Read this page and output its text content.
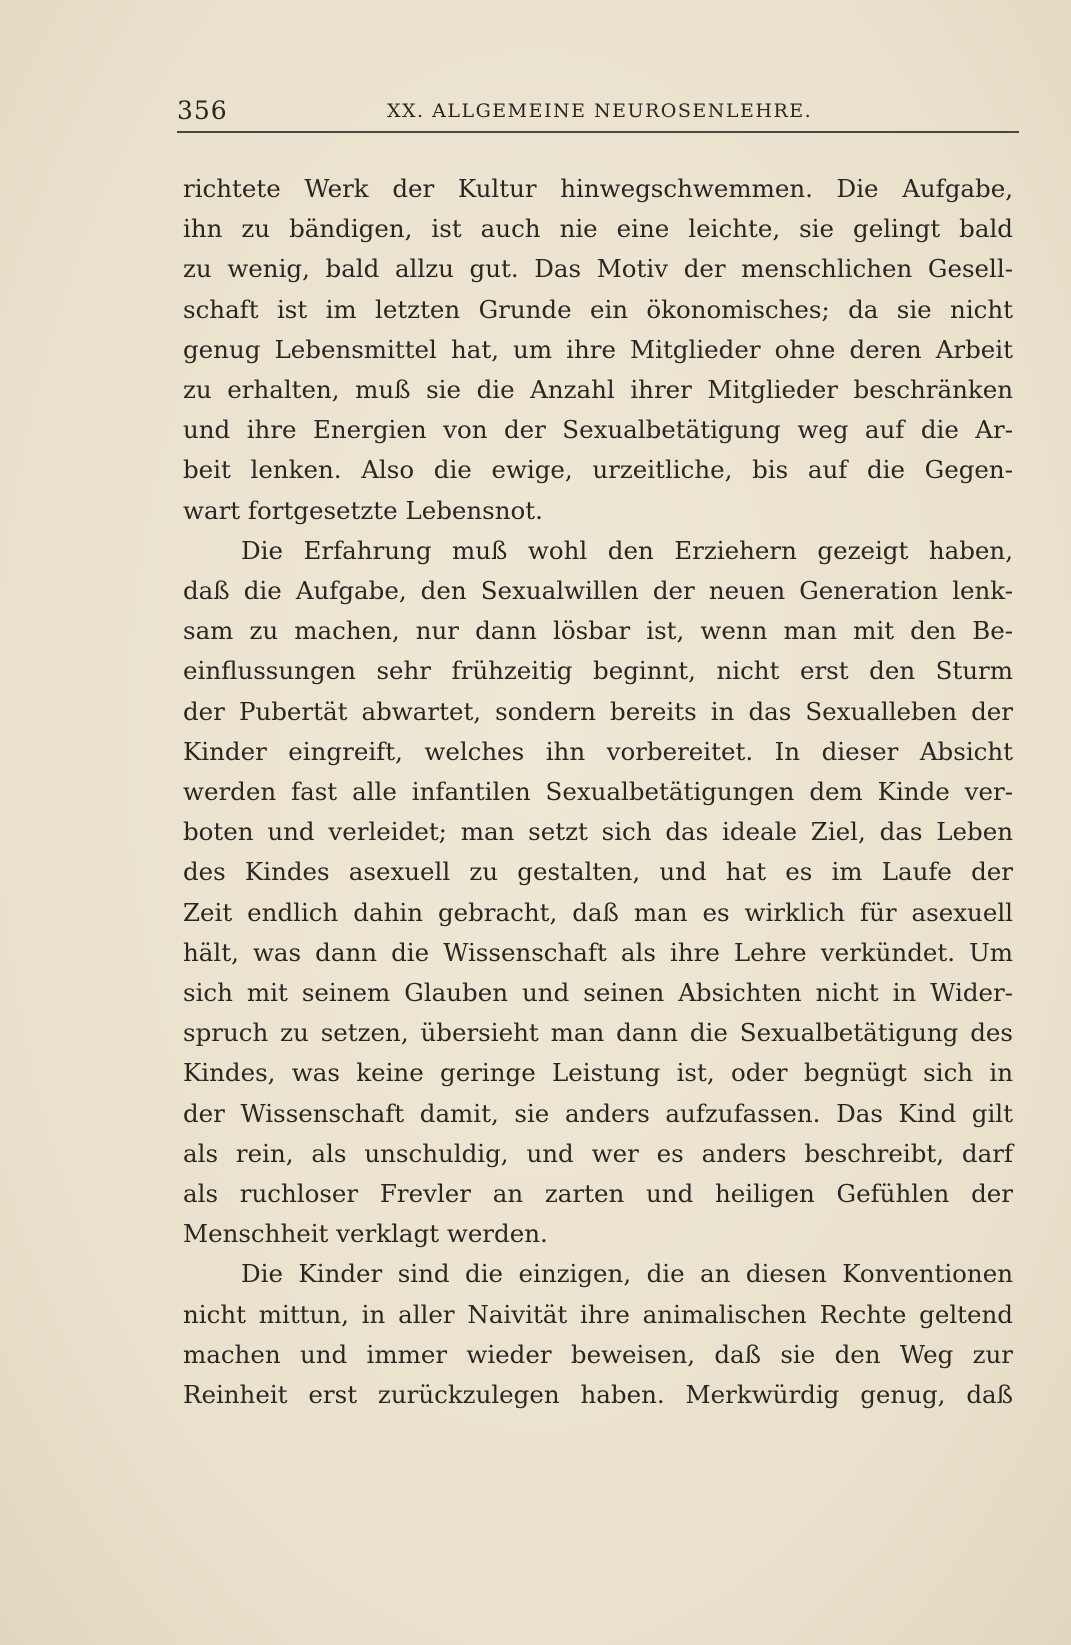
356	XX. ALLGEMEINE NEUROSENLEHRE.
richtete Werk der Kultur hinwegschwemmen. Die Aufgabe,
ihn zu bändigen, ist auch nie eine leichte, sie gelingt bald
zu wenig, bald allzu gut. Das Motiv der menschlichen Gesell-
schaft ist im letzten Grunde ein ökonomisches; da sie nicht
genug Lebensmittel hat, um ihre Mitglieder ohne deren Arbeit
zu erhalten, muß sie die Anzahl ihrer Mitglieder beschränken
und ihre Energien von der Sexualbetätigung weg auf die Ar-
beit lenken. Also die ewige, urzeitliche, bis auf die Gegen-
wart fortgesetzte Lebensnot.
Die Erfahrung muß wohl den Erziehern gezeigt haben,
daß die Aufgabe, den Sexualwillen der neuen Generation lenk-
sam zu machen, nur dann lösbar ist, wenn man mit den Be-
einflussungen sehr frühzeitig beginnt, nicht erst den Sturm
der Pubertät abwartet, sondern bereits in das Sexualleben der
Kinder eingreift, welches ihn vorbereitet. In dieser Absicht
werden fast alle infantilen Sexualbetätigungen dem Kinde ver-
boten und verleidet; man setzt sich das ideale Ziel, das Leben
des Kindes asexuell zu gestalten, und hat es im Laufe der
Zeit endlich dahin gebracht, daß man es wirklich für asexuell
hält, was dann die Wissenschaft als ihre Lehre verkündet. Um
sich mit seinem Glauben und seinen Absichten nicht in Wider-
spruch zu setzen, übersieht man dann die Sexualbetätigung des
Kindes, was keine geringe Leistung ist, oder begnügt sich in
der Wissenschaft damit, sie anders aufzufassen. Das Kind gilt
als rein, als unschuldig, und wer es anders beschreibt, darf
als ruchloser Frevler an zarten und heiligen Gefühlen der
Menschheit verklagt werden.
Die Kinder sind die einzigen, die an diesen Konventionen
nicht mittun, in aller Naivität ihre animalischen Rechte geltend
machen und immer wieder beweisen, daß sie den Weg zur
Reinheit erst zurückzulegen haben. Merkwürdig genug, daß
